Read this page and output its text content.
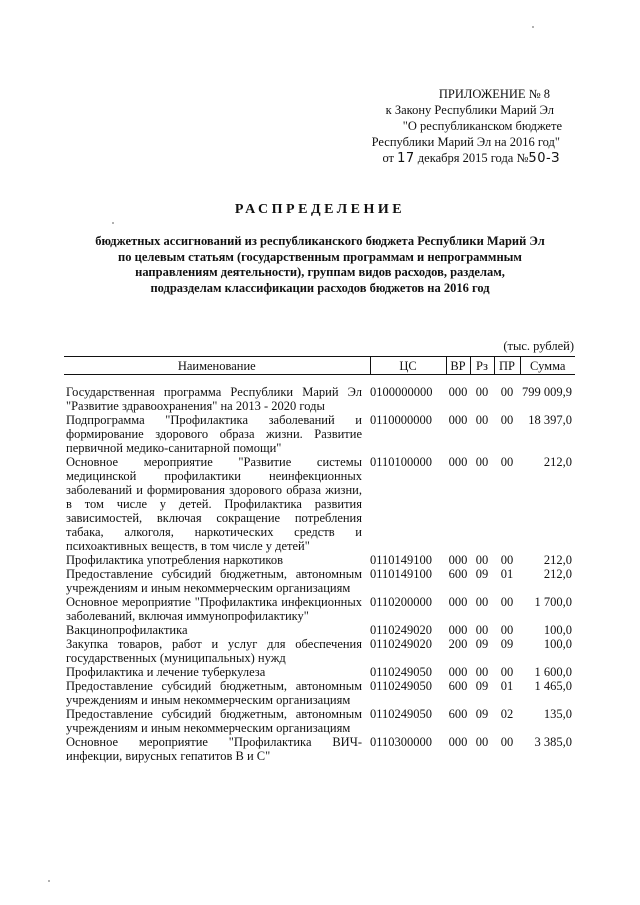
ПРИЛОЖЕНИЕ № 8
к Закону Республики Марий Эл
"О республиканском бюджете
Республики Марий Эл на 2016 год"
от 17 декабря 2015 года №50-З
РАСПРЕДЕЛЕНИЕ
бюджетных ассигнований из республиканского бюджета Республики Марий Эл
по целевым статьям (государственным программам и непрограммным
направлениям деятельности), группам видов расходов, разделам,
подразделам классификации расходов бюджетов на 2016 год
(тыс. рублей)
Наименование	ЦС	ВР	Рз	ПР	Сумма
Государственная программа Республики Марий Эл "Развитие здравоохранения" на 2013 - 2020 годы	0100000000	000	00	00	799 009,9
Подпрограмма "Профилактика заболеваний и формирование здорового образа жизни. Развитие первичной медико-санитарной помощи"	0110000000	000	00	00	18 397,0
Основное мероприятие "Развитие системы медицинской профилактики неинфекционных заболеваний и формирования здорового образа жизни, в том числе у детей. Профилактика развития зависимостей, включая сокращение потребления табака, алкоголя, наркотических средств и психоактивных веществ, в том числе у детей"	0110100000	000	00	00	212,0
Профилактика употребления наркотиков	0110149100	000	00	00	212,0
Предоставление субсидий бюджетным, автономным учреждениям и иным некоммерческим организациям	0110149100	600	09	01	212,0
Основное мероприятие "Профилактика инфекционных заболеваний, включая иммунопрофилактику"	0110200000	000	00	00	1 700,0
Вакцинопрофилактика	0110249020	000	00	00	100,0
Закупка товаров, работ и услуг для обеспечения государственных (муниципальных) нужд	0110249020	200	09	09	100,0
Профилактика и лечение туберкулеза	0110249050	000	00	00	1 600,0
Предоставление субсидий бюджетным, автономным учреждениям и иным некоммерческим организациям	0110249050	600	09	01	1 465,0
Предоставление субсидий бюджетным, автономным учреждениям и иным некоммерческим организациям	0110249050	600	09	02	135,0
Основное мероприятие "Профилактика ВИЧ-инфекции, вирусных гепатитов В и С"	0110300000	000	00	00	3 385,0
